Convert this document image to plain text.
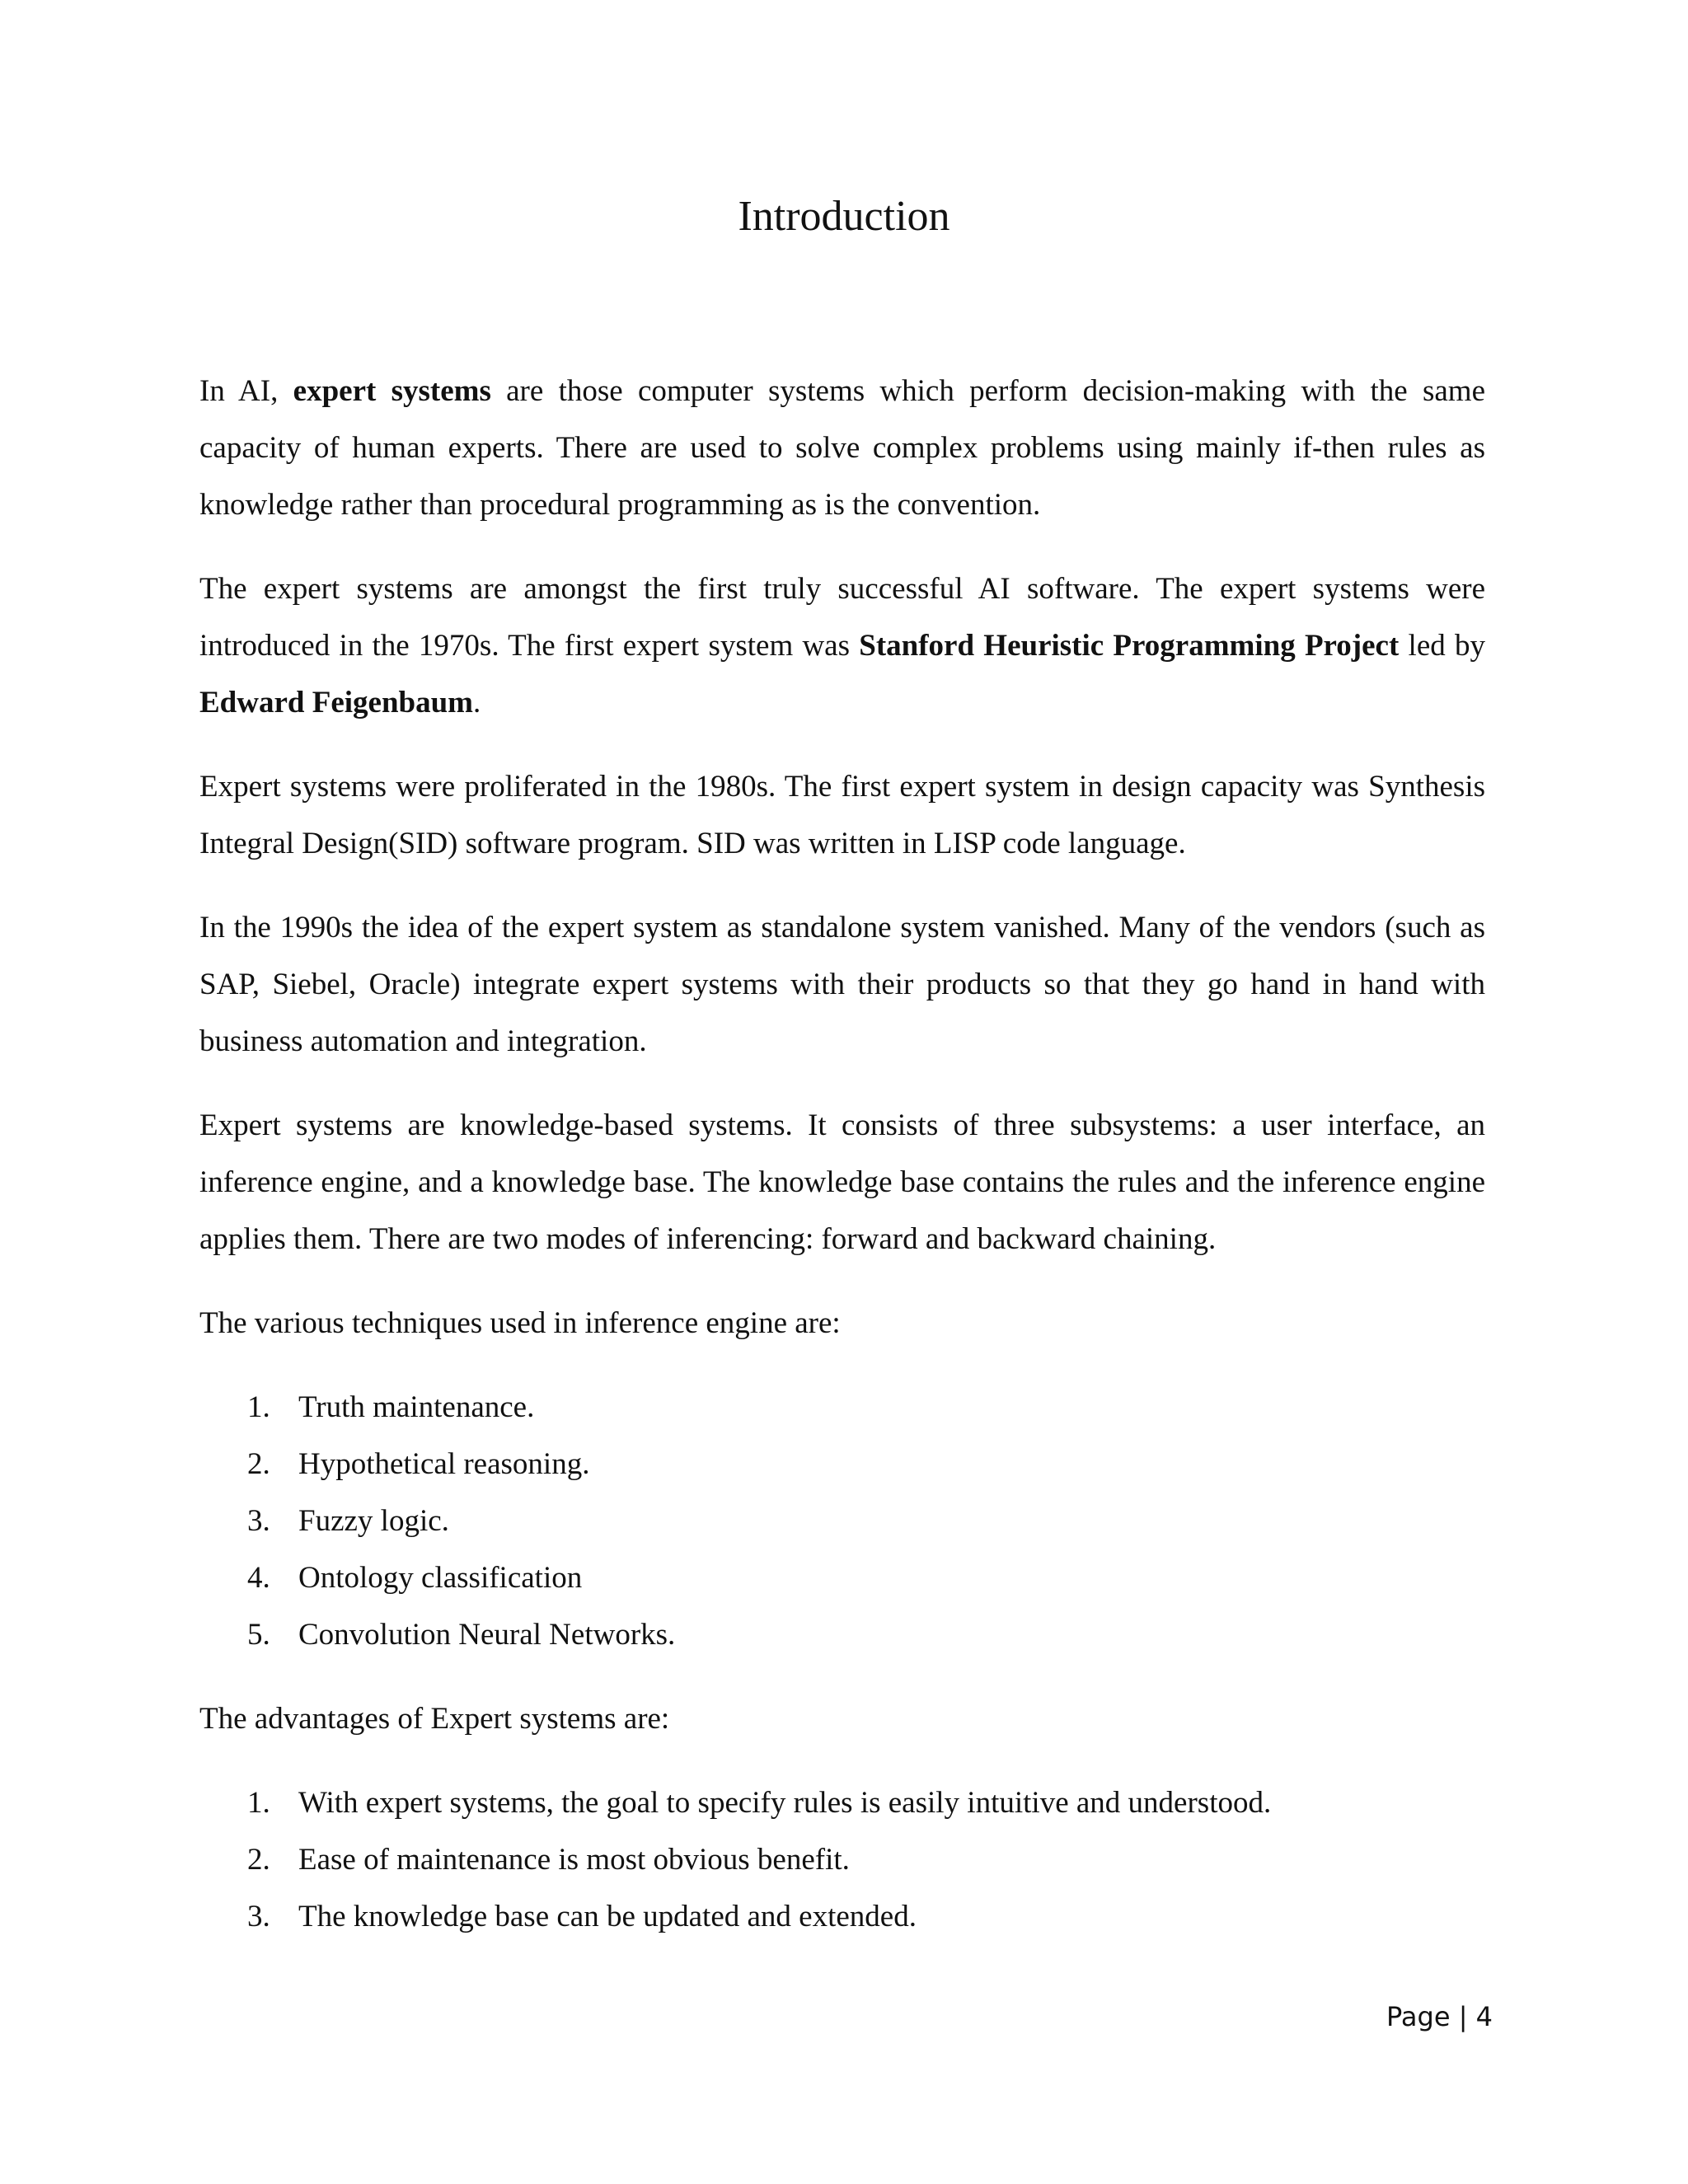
Introduction

In AI, expert systems are those computer systems which perform decision-making with the same capacity of human experts. There are used to solve complex problems using mainly if-then rules as knowledge rather than procedural programming as is the convention.

The expert systems are amongst the first truly successful AI software. The expert systems were introduced in the 1970s. The first expert system was Stanford Heuristic Programming Project led by Edward Feigenbaum.

Expert systems were proliferated in the 1980s. The first expert system in design capacity was Synthesis Integral Design(SID) software program. SID was written in LISP code language.

In the 1990s the idea of the expert system as standalone system vanished. Many of the vendors (such as SAP, Siebel, Oracle) integrate expert systems with their products so that they go hand in hand with business automation and integration.

Expert systems are knowledge-based systems. It consists of three subsystems: a user interface, an inference engine, and a knowledge base. The knowledge base contains the rules and the inference engine applies them. There are two modes of inferencing: forward and backward chaining.

The various techniques used in inference engine are:

1. Truth maintenance.
2. Hypothetical reasoning.
3. Fuzzy logic.
4. Ontology classification
5. Convolution Neural Networks.

The advantages of Expert systems are:

1. With expert systems, the goal to specify rules is easily intuitive and understood.
2. Ease of maintenance is most obvious benefit.
3. The knowledge base can be updated and extended.
Page | 4
